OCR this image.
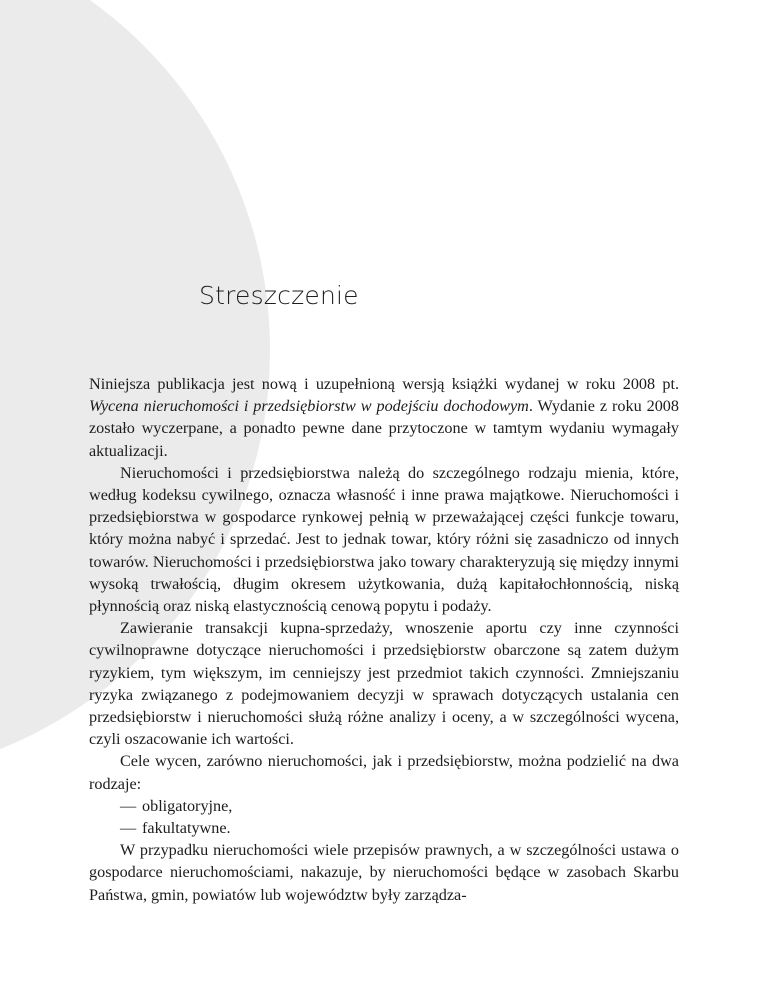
Streszczenie

Niniejsza publikacja jest nową i uzupełnioną wersją książki wydanej w roku 2008 pt. Wycena nieruchomości i przedsiębiorstw w podejściu dochodowym. Wydanie z roku 2008 zostało wyczerpane, a ponadto pewne dane przytoczone w tamtym wydaniu wymagały aktualizacji.

Nieruchomości i przedsiębiorstwa należą do szczególnego rodzaju mienia, które, według kodeksu cywilnego, oznacza własność i inne prawa majątkowe. Nieruchomości i przedsiębiorstwa w gospodarce rynkowej pełnią w przeważającej części funkcje towaru, który można nabyć i sprzedać. Jest to jednak towar, który różni się zasadniczo od innych towarów. Nieruchomości i przedsiębiorstwa jako towary charakteryzują się między innymi wysoką trwałością, długim okresem użytkowania, dużą kapitałochłonnością, niską płynnością oraz niską elastycznością cenową popytu i podaży.

Zawieranie transakcji kupna-sprzedaży, wnoszenie aportu czy inne czynności cywilnoprawne dotyczące nieruchomości i przedsiębiorstw obarczone są zatem dużym ryzykiem, tym większym, im cenniejszy jest przedmiot takich czynności. Zmniejszaniu ryzyka związanego z podejmowaniem decyzji w sprawach dotyczących ustalania cen przedsiębiorstw i nieruchomości służą różne analizy i oceny, a w szczególności wycena, czyli oszacowanie ich wartości.

Cele wycen, zarówno nieruchomości, jak i przedsiębiorstw, można podzielić na dwa rodzaje:

— obligatoryjne,

— fakultatywne.

W przypadku nieruchomości wiele przepisów prawnych, a w szczególności ustawa o gospodarce nieruchomościami, nakazuje, by nieruchomości będące w zasobach Skarbu Państwa, gmin, powiatów lub województw były zarządza-
